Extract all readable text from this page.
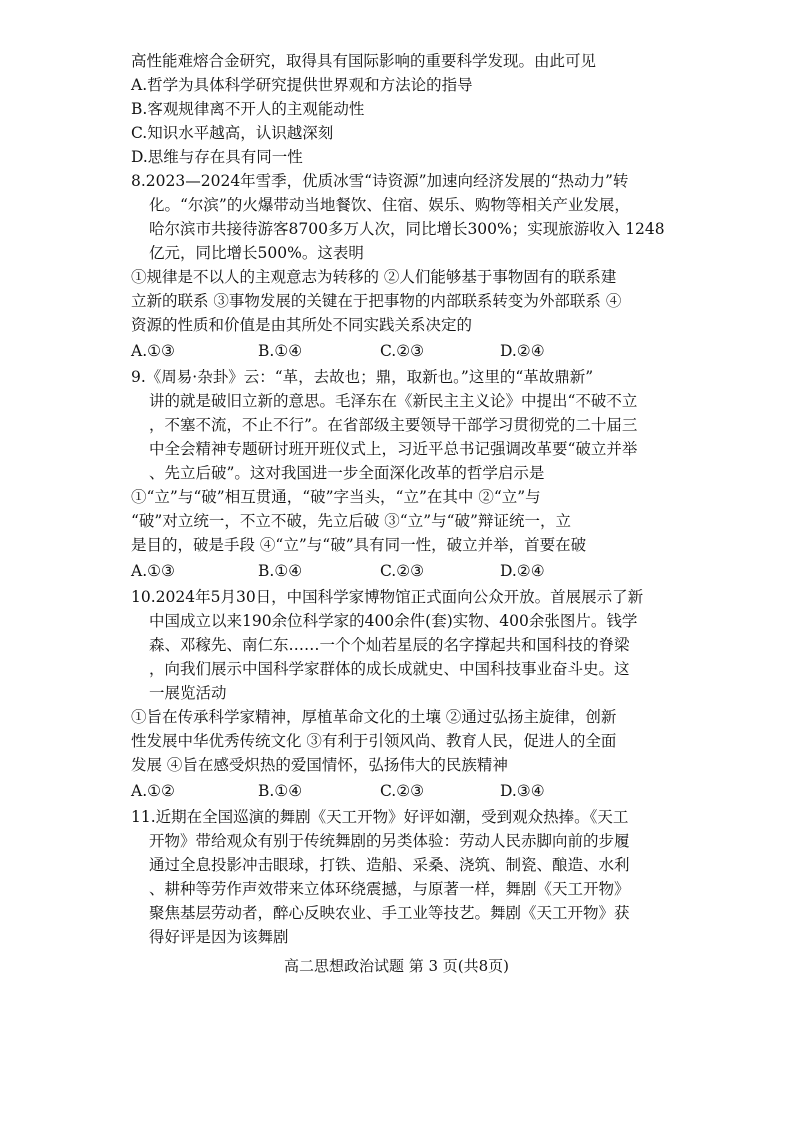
高性能难熔合金研究，取得具有国际影响的重要科学发现。由此可见
A.哲学为具体科学研究提供世界观和方法论的指导
B.客观规律离不开人的主观能动性
C.知识水平越高，认识越深刻
D.思维与存在具有同一性
8.2023—2024年雪季，优质冰雪“诗资源”加速向经济发展的“热动力”转
化。“尔滨”的火爆带动当地餐饮、住宿、娱乐、购物等相关产业发展，
哈尔滨市共接待游客8700多万人次，同比增长300%；实现旅游收入 1248
亿元，同比增长500%。这表明
①规律是不以人的主观意志为转移的 ②人们能够基于事物固有的联系建
立新的联系 ③事物发展的关键在于把事物的内部联系转变为外部联系 ④
资源的性质和价值是由其所处不同实践关系决定的
A.①③	B.①④	C.②③	D.②④
9.《周易·杂卦》云：“革，去故也；鼎，取新也。”这里的“革故鼎新”
讲的就是破旧立新的意思。毛泽东在《新民主主义论》中提出“不破不立
，不塞不流，不止不行”。在省部级主要领导干部学习贯彻党的二十届三
中全会精神专题研讨班开班仪式上，习近平总书记强调改革要“破立并举
、先立后破”。这对我国进一步全面深化改革的哲学启示是
①“立”与“破”相互贯通，“破”字当头，“立”在其中 ②“立”与
“破”对立统一，不立不破，先立后破 ③“立”与“破”辩证统一，立
是目的，破是手段 ④“立”与“破”具有同一性，破立并举，首要在破
A.①③	B.①④	C.②③	D.②④
10.2024年5月30日，中国科学家博物馆正式面向公众开放。首展展示了新
中国成立以来190余位科学家的400余件(套)实物、400余张图片。钱学
森、邓稼先、南仁东……一个个灿若星辰的名字撑起共和国科技的脊梁
，向我们展示中国科学家群体的成长成就史、中国科技事业奋斗史。这
一展览活动
①旨在传承科学家精神，厚植革命文化的土壤 ②通过弘扬主旋律，创新
性发展中华优秀传统文化 ③有利于引领风尚、教育人民，促进人的全面
发展 ④旨在感受炽热的爱国情怀，弘扬伟大的民族精神
A.①②	B.①④	C.②③	D.③④
11.近期在全国巡演的舞剧《天工开物》好评如潮，受到观众热捧。《天工
开物》带给观众有别于传统舞剧的另类体验：劳动人民赤脚向前的步履
通过全息投影冲击眼球，打铁、造船、采桑、浇筑、制瓷、酿造、水利
、耕种等劳作声效带来立体环绕震撼，与原著一样，舞剧《天工开物》
聚焦基层劳动者，醉心反映农业、手工业等技艺。舞剧《天工开物》获
得好评是因为该舞剧
高二思想政治试题 第 3 页(共8页)
